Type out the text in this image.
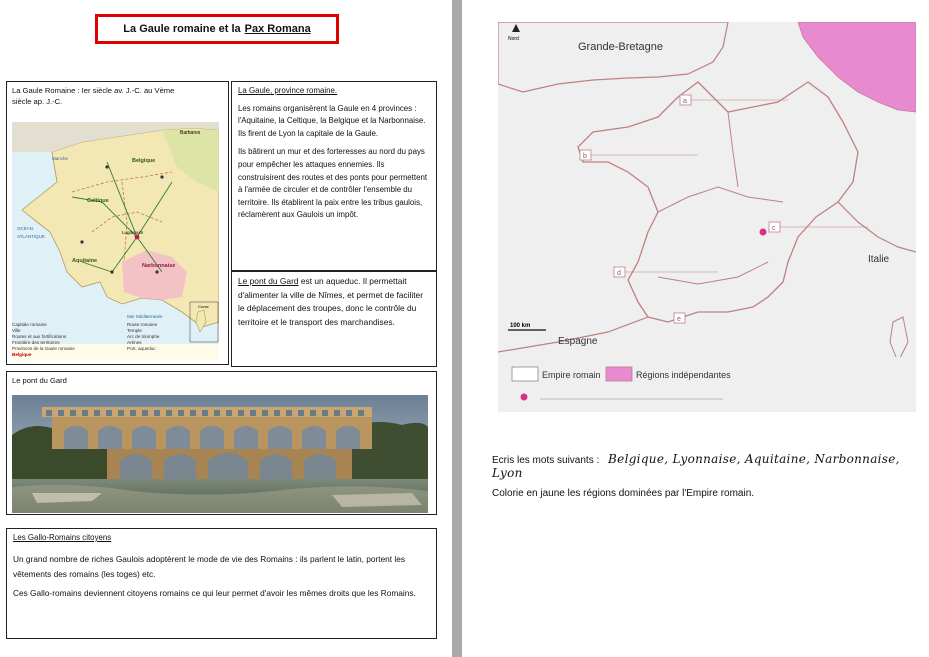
La Gaule romaine et la Pax Romana
La Gaule Romaine : Ier siècle av. J.-C. au Vème
siècle ap. J.-C.
Barbares
Manche	Belgique
Celtique
OCÉAN
ATLANTIQUE
Aquitaine
Narbonnaise
Lugdunum
Mer Méditerranée
Corse
Capitale romaine
Ville
Routes et aux fortifications
Frontière des territoires
Provinces de la Gaule romaine
Route romaine
Temple
Arc de triomphe
Arènes
Port, aqueduc
Belgique
La Gaule, province romaine.
Les romains organisèrent la Gaule en 4 provinces : l'Aquitaine, la Celtique, la Belgique et la Narbonnaise. Ils firent de Lyon la capitale de la Gaule.
Ils bâtirent un mur et des forteresses au nord du pays pour empêcher les attaques ennemies. Ils construisirent des routes et des ponts pour permettent à l'armée de circuler et de contrôler l'ensemble du territoire. Ils établirent la paix entre les tribus gaulois, réclamèrent aux Gaulois un impôt.
Le pont du Gard est un aqueduc. Il permettait d'alimenter la ville de Nîmes, et permet de faciliter le déplacement des troupes, donc le contrôle du territoire et le transport des marchandises.
Le pont du Gard
Les Gallo-Romains citoyens
Un grand nombre de riches Gaulois adoptèrent le mode de vie des Romains : ils parlent le latin, portent les vêtements des romains (les toges) etc.
Ces Gallo-romains deviennent citoyens romains ce qui leur permet d'avoir les mêmes droits que les Romains.
Nord
Grande-Bretagne
Italie
Espagne
100 km
a
b
c
d
e
Empire romain	Régions indépendantes
Ecris les mots suivants : Belgique, Lyonnaise, Aquitaine, Narbonnaise, Lyon
Colorie en jaune les régions dominées par l'Empire romain.
